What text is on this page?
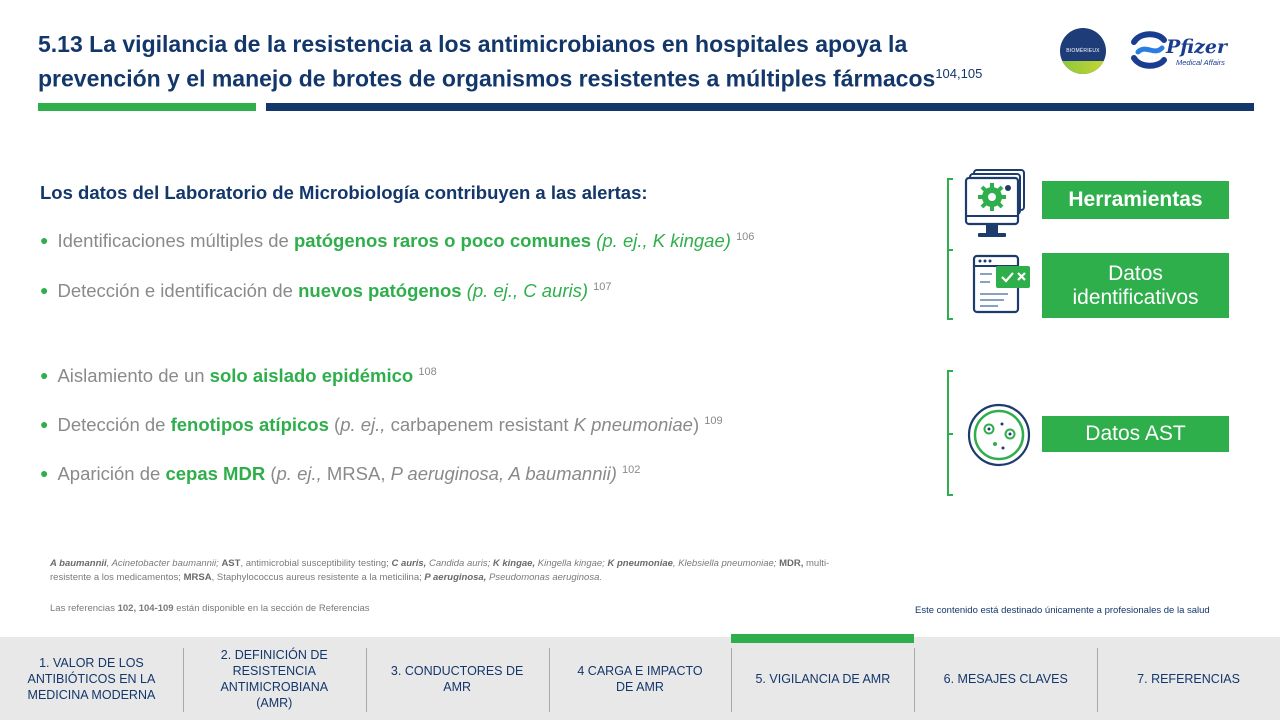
5.13 La vigilancia de la resistencia a los antimicrobianos en hospitales apoya la
prevención y el manejo de brotes de organismos resistentes a múltiples fármacos$^{104,105}$
BIOMÉRIEUX	Pfizer
Medical Affairs
Los datos del Laboratorio de Microbiología contribuyen a las alertas:
● Identificaciones múltiples de patógenos raros o poco comunes (p. ej., K kingae) $^{106}$
● Detección e identificación de nuevos patógenos (p. ej., C auris) $^{107}$
● Aislamiento de un solo aislado epidémico $^{108}$
● Detección de fenotipos atípicos (p. ej., carbapenem resistant K pneumoniae) $^{109}$
● Aparición de cepas MDR (p. ej., MRSA, P aeruginosa, A baumannii) $^{102}$
Herramientas
Datos identificativos
Datos AST
A baumannii, Acinetobacter baumannii; AST, antimicrobial susceptibility testing; C auris, Candida auris; K kingae, Kingella kingae; K pneumoniae, Klebsiella pneumoniae; MDR, multi-resistente a los medicamentos; MRSA, Staphylococcus aureus resistente a la meticilina; P aeruginosa, Pseudomonas aeruginosa.
Las referencias 102, 104-109 están disponible en la sección de Referencias	Este contenido está destinado únicamente a profesionales de la salud
1. VALOR DE LOS ANTIBIÓTICOS EN LA MEDICINA MODERNA
2. DEFINICIÓN DE RESISTENCIA ANTIMICROBIANA (AMR)
3. CONDUCTORES DE AMR
4 CARGA E IMPACTO DE AMR
5. VIGILANCIA DE AMR	6. MESAJES CLAVES	7. REFERENCIAS
